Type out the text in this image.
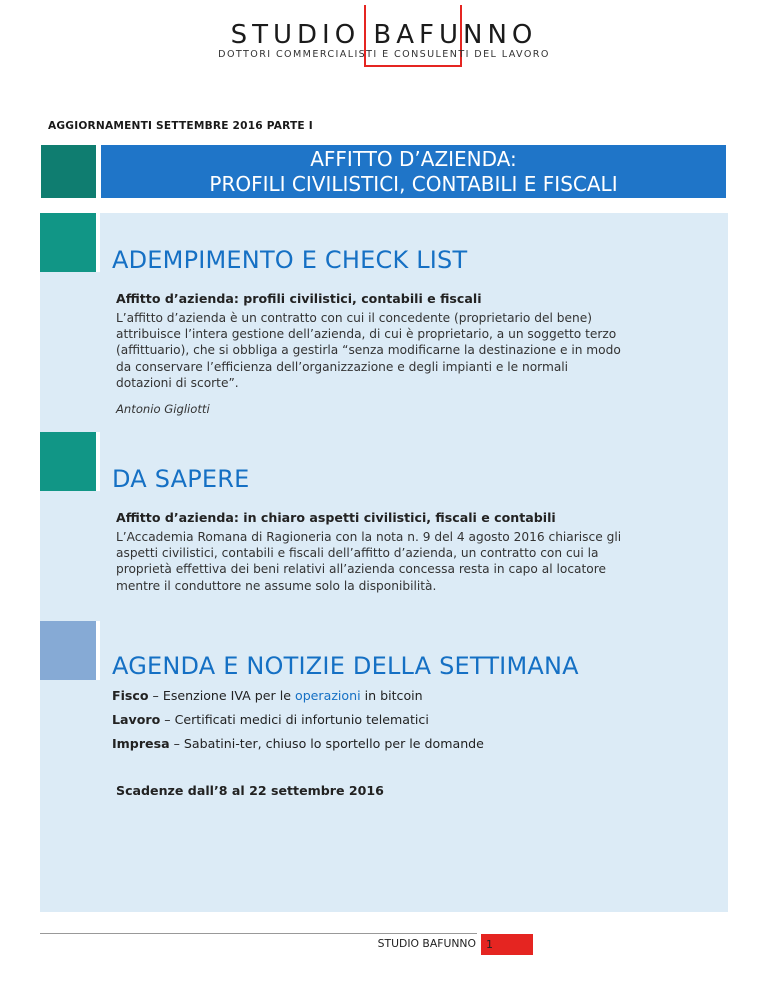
STUDIO BAFUNNO
DOTTORI COMMERCIALISTI E CONSULENTI DEL LAVORO
AGGIORNAMENTI SETTEMBRE 2016 PARTE I
AFFITTO D’AZIENDA:
PROFILI CIVILISTICI, CONTABILI E FISCALI
ADEMPIMENTO E CHECK LIST
Affitto d’azienda: profili civilistici, contabili e fiscali
L’affitto d’azienda è un contratto con cui il concedente (proprietario del bene)
attribuisce l’intera gestione dell’azienda, di cui è proprietario, a un soggetto terzo
(affittuario), che si obbliga a gestirla “senza modificarne la destinazione e in modo
da conservare l’efficienza dell’organizzazione e degli impianti e le normali
dotazioni di scorte”.
Antonio Gigliotti
DA SAPERE
Affitto d’azienda: in chiaro aspetti civilistici, fiscali e contabili
L’Accademia Romana di Ragioneria con la nota n. 9 del 4 agosto 2016 chiarisce gli
aspetti civilistici, contabili e fiscali dell’affitto d’azienda, un contratto con cui la
proprietà effettiva dei beni relativi all’azienda concessa resta in capo al locatore
mentre il conduttore ne assume solo la disponibilità.
AGENDA E NOTIZIE DELLA SETTIMANA
Fisco – Esenzione IVA per le operazioni in bitcoin
Lavoro – Certificati medici di infortunio telematici
Impresa – Sabatini-ter, chiuso lo sportello per le domande
Scadenze dall’8 al 22 settembre 2016
STUDIO BAFUNNO 1
